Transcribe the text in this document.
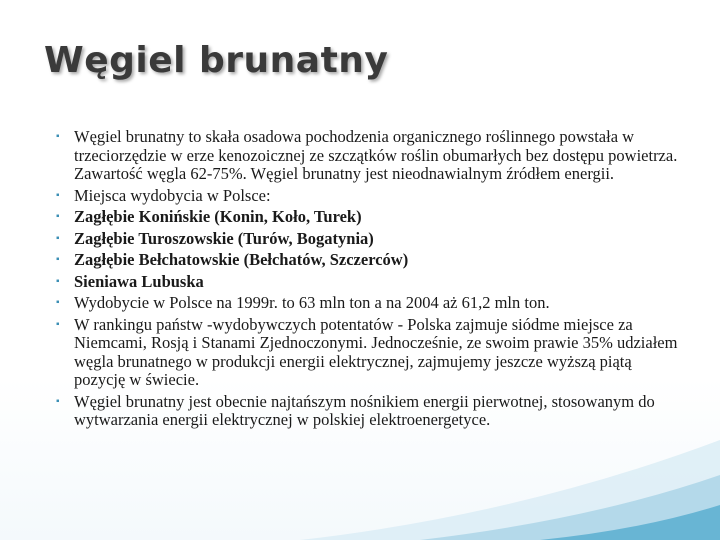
Węgiel brunatny
▪ Węgiel brunatny to skała osadowa pochodzenia organicznego roślinnego powstała w trzeciorzędzie w erze kenozoicznej ze szczątków roślin obumarłych bez dostępu powietrza. Zawartość węgla 62-75%. Węgiel brunatny jest nieodnawialnym źródłem energii.
▪ Miejsca wydobycia w Polsce:
▪ Zagłębie Konińskie (Konin, Koło, Turek)
▪ Zagłębie Turoszowskie (Turów, Bogatynia)
▪ Zagłębie Bełchatowskie (Bełchatów, Szczerców)
▪ Sieniawa Lubuska
▪ Wydobycie w Polsce na 1999r. to 63 mln ton a na 2004 aż 61,2 mln ton.
▪ W rankingu państw -wydobywczych potentatów - Polska zajmuje siódme miejsce za Niemcami, Rosją i Stanami Zjednoczonymi. Jednocześnie, ze swoim prawie 35% udziałem węgla brunatnego w produkcji energii elektrycznej, zajmujemy jeszcze wyższą piątą pozycję w świecie.
▪ Węgiel brunatny jest obecnie najtańszym nośnikiem energii pierwotnej, stosowanym do wytwarzania energii elektrycznej w polskiej elektroenergetyce.
